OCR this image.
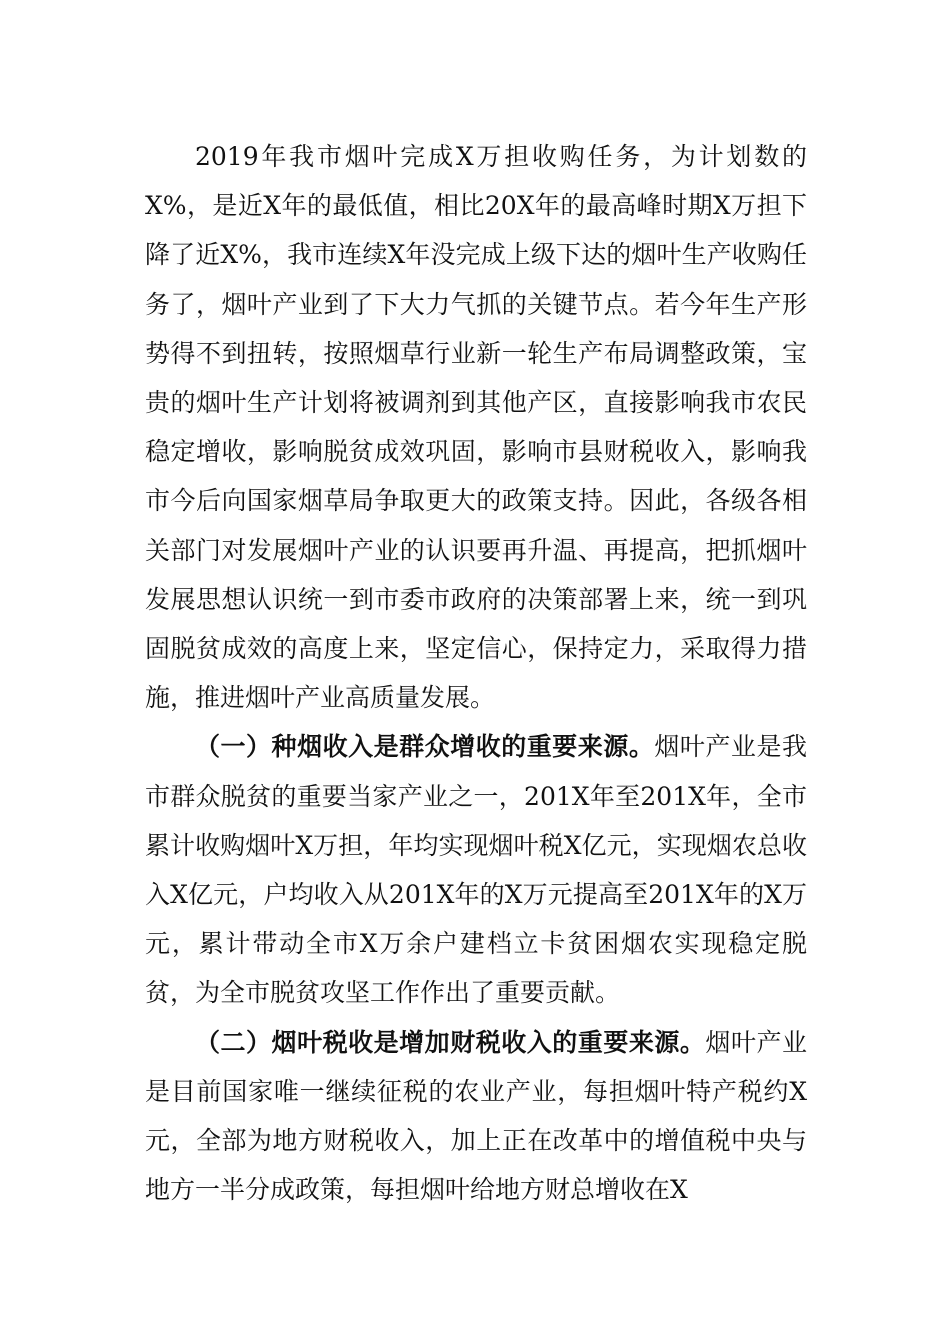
2019年我市烟叶完成X万担收购任务，为计划数的X%，是近X年的最低值，相比20X年的最高峰时期X万担下降了近X%，我市连续X年没完成上级下达的烟叶生产收购任务了，烟叶产业到了下大力气抓的关键节点。若今年生产形势得不到扭转，按照烟草行业新一轮生产布局调整政策，宝贵的烟叶生产计划将被调剂到其他产区，直接影响我市农民稳定增收，影响脱贫成效巩固，影响市县财税收入，影响我市今后向国家烟草局争取更大的政策支持。因此，各级各相关部门对发展烟叶产业的认识要再升温、再提高，把抓烟叶发展思想认识统一到市委市政府的决策部署上来，统一到巩固脱贫成效的高度上来，坚定信心，保持定力，采取得力措施，推进烟叶产业高质量发展。

（一）种烟收入是群众增收的重要来源。烟叶产业是我市群众脱贫的重要当家产业之一，201X年至201X年，全市累计收购烟叶X万担，年均实现烟叶税X亿元，实现烟农总收入X亿元，户均收入从201X年的X万元提高至201X年的X万元，累计带动全市X万余户建档立卡贫困烟农实现稳定脱贫，为全市脱贫攻坚工作作出了重要贡献。

（二）烟叶税收是增加财税收入的重要来源。烟叶产业是目前国家唯一继续征税的农业产业，每担烟叶特产税约X元，全部为地方财税收入，加上正在改革中的增值税中央与地方一半分成政策，每担烟叶给地方财总增收在X
